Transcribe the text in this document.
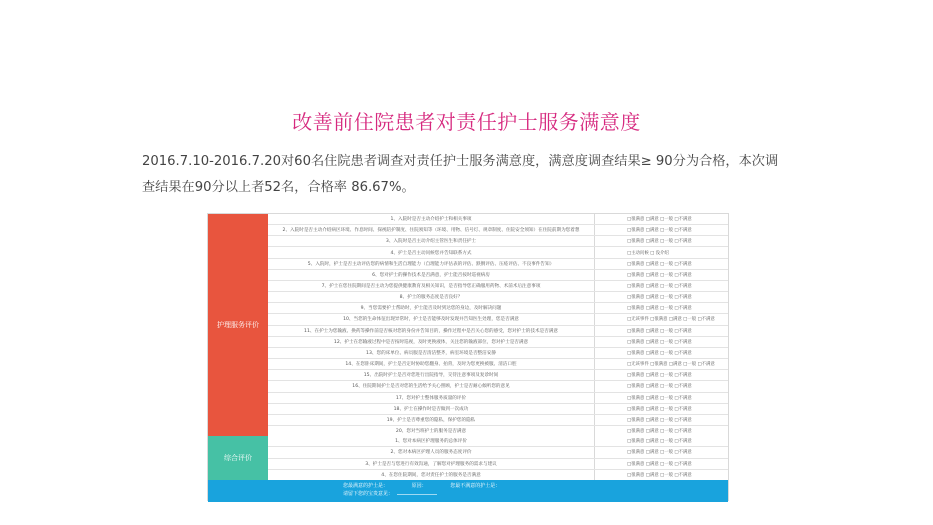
改善前住院患者对责任护士服务满意度
2016.7.10-2016.7.20对60名住院患者调查对责任护士服务满意度，满意度调查结果≥ 90分为合格，本次调查结果在90分以上者52名，合格率 86.67%。
护理服务评价
1、入院时是否主动介绍护士和相关事项	□很满意 □满意 □一般 □不满意
2、入院时是否主动介绍病区环境、作息时间、探视陪护制度、住院须知等（环境、用物、信号灯、规章制度、住院安全须知）在住院前期为您着想	□很满意 □满意 □一般 □不满意
3、入院时是否主动介绍主管医生和责任护士	□很满意 □满意 □一般 □不满意
4、护士是否主动问候您并告知联系方式	□主动问候 □ 没介绍
5、入院时，护士是否主动评估您的病情和生活自理能力（自理能力评估表的评估、跌倒评估、压疮评估、不良事件告知）	□很满意 □满意 □一般 □不满意
6、您对护士的操作技术是否满意，护士能否按时巡视病房	□很满意 □满意 □一般 □不满意
7、护士在您住院期间是否主动为您提供健康教育及相关知识，是否指导您正确服用药物、术前术后注意事项	□很满意 □满意 □一般 □不满意
8、护士的服务态度是否良好？	□很满意 □满意 □一般 □不满意
9、当您需要护士帮助时，护士能否及时到达您的身边，及时解决问题	□很满意 □满意 □一般 □不满意
10、当您的生命体征出现异常时，护士是否能够及时发现并告知医生处理，您是否满意	□无该事件 □很满意 □满意 □一般 □不满意
11、在护士为您输液、换药等操作前是否核对您的身份并告知目的，操作过程中是否关心您的感受，您对护士的技术是否满意	□很满意 □满意 □一般 □不满意
12、护士在您输液过程中是否按时巡视，及时更换液体，关注您的输液部位，您对护士是否满意	□很满意 □满意 □一般 □不满意
13、您的床单位、病员服是否清洁整齐，病室环境是否整洁安静	□很满意 □满意 □一般 □不满意
14、在您卧床期间，护士是否定时协助您翻身、拍背，及时为您更换被服、清洁口腔	□无该事件 □很满意 □满意 □一般 □不满意
15、出院时护士是否对您进行出院指导，交待注意事项及复诊时间	□很满意 □满意 □一般 □不满意
16、住院期间护士是否对您的生活给予关心照顾，护士是否耐心倾听您的意见	□很满意 □满意 □一般 □不满意
17、您对护士整体服务质量的评价	□很满意 □满意 □一般 □不满意
18、护士在操作时是否做到一次成功	□很满意 □满意 □一般 □不满意
19、护士是否尊重您的隐私，保护您的隐私	□很满意 □满意 □一般 □不满意
20、您对当班护士的服务是否满意	□很满意 □满意 □一般 □不满意
综合评价
1、您对本病区护理服务的总体评价	□很满意 □满意 □一般 □不满意
2、您对本病区护理人员的服务态度评价	□很满意 □满意 □一般 □不满意
3、护士是否与您进行有效沟通，了解您对护理服务的需求与建议	□很满意 □满意 □一般 □不满意
4、在您住院期间，您对责任护士的服务是否满意	□很满意 □满意 □一般 □不满意
您最满意的护士是：	原因：	您最不满意的护士是：
请留下您的宝贵意见：
